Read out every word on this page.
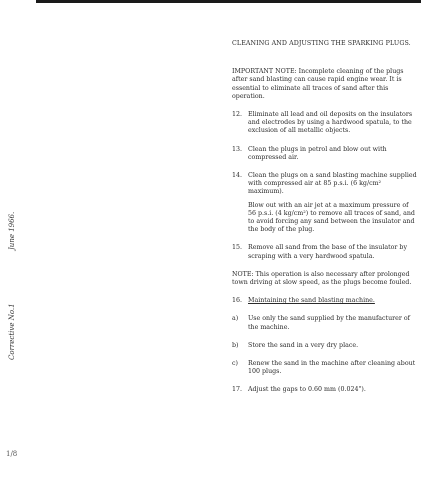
June 1966.
Corrective No.1
1/8
CLEANING AND ADJUSTING THE SPARKING PLUGS.
IMPORTANT NOTE: Incomplete cleaning of the plugs after sand blasting can cause rapid engine wear. It is essential to eliminate all traces of sand after this operation.
12. Eliminate all lead and oil deposits on the insulators and electrodes by using a hardwood spatula, to the exclusion of all metallic objects.
13. Clean the plugs in petrol and blow out with compressed air.
14. Clean the plugs on a sand blasting machine supplied with compressed air at 85 p.s.i. (6 kg/cm² maximum).
Blow out with an air jet at a maximum pressure of 56 p.s.i. (4 kg/cm²) to remove all traces of sand, and to avoid forcing any sand between the insulator and the body of the plug.
15. Remove all sand from the base of the insulator by scraping with a very hardwood spatula.
NOTE: This operation is also necessary after prolonged town driving at slow speed, as the plugs become fouled.
16. Maintaining the sand blasting machine.
a)	Use only the sand supplied by the manufacturer of the machine.
b)	Store the sand in a very dry place.
c)	Renew the sand in the machine after cleaning about 100 plugs.
17. Adjust the gaps to 0.60 mm (0.024").
